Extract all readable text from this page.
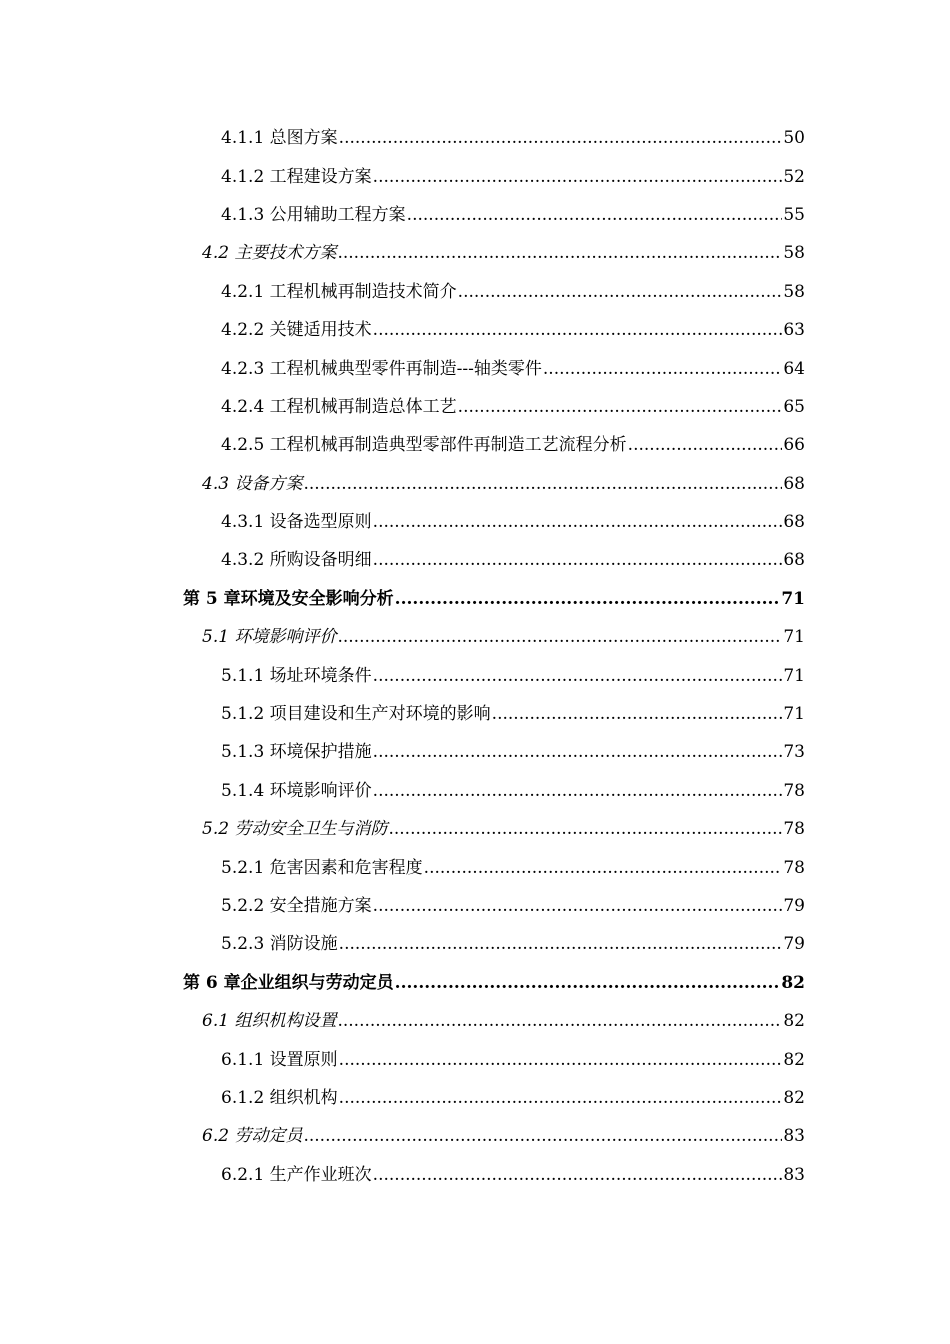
4.1.1 总图方案 .....	50
4.1.2 工程建设方案 .....	52
4.1.3 公用辅助工程方案 .....	55
4.2 主要技术方案 .....	58
4.2.1 工程机械再制造技术简介 .....	58
4.2.2 关键适用技术 .....	63
4.2.3 工程机械典型零件再制造---轴类零件 .....	64
4.2.4 工程机械再制造总体工艺 .....	65
4.2.5 工程机械再制造典型零部件再制造工艺流程分析 .....	66
4.3 设备方案 .....	68
4.3.1 设备选型原则 .....	68
4.3.2 所购设备明细 .....	68
第 5 章环境及安全影响分析 .....	71
5.1 环境影响评价 .....	71
5.1.1 场址环境条件 .....	71
5.1.2 项目建设和生产对环境的影响 .....	71
5.1.3 环境保护措施 .....	73
5.1.4 环境影响评价 .....	78
5.2 劳动安全卫生与消防 .....	78
5.2.1 危害因素和危害程度 .....	78
5.2.2 安全措施方案 .....	79
5.2.3 消防设施 .....	79
第 6 章企业组织与劳动定员 .....	82
6.1 组织机构设置 .....	82
6.1.1 设置原则 .....	82
6.1.2 组织机构 .....	82
6.2 劳动定员 .....	83
6.2.1 生产作业班次 .....	83
